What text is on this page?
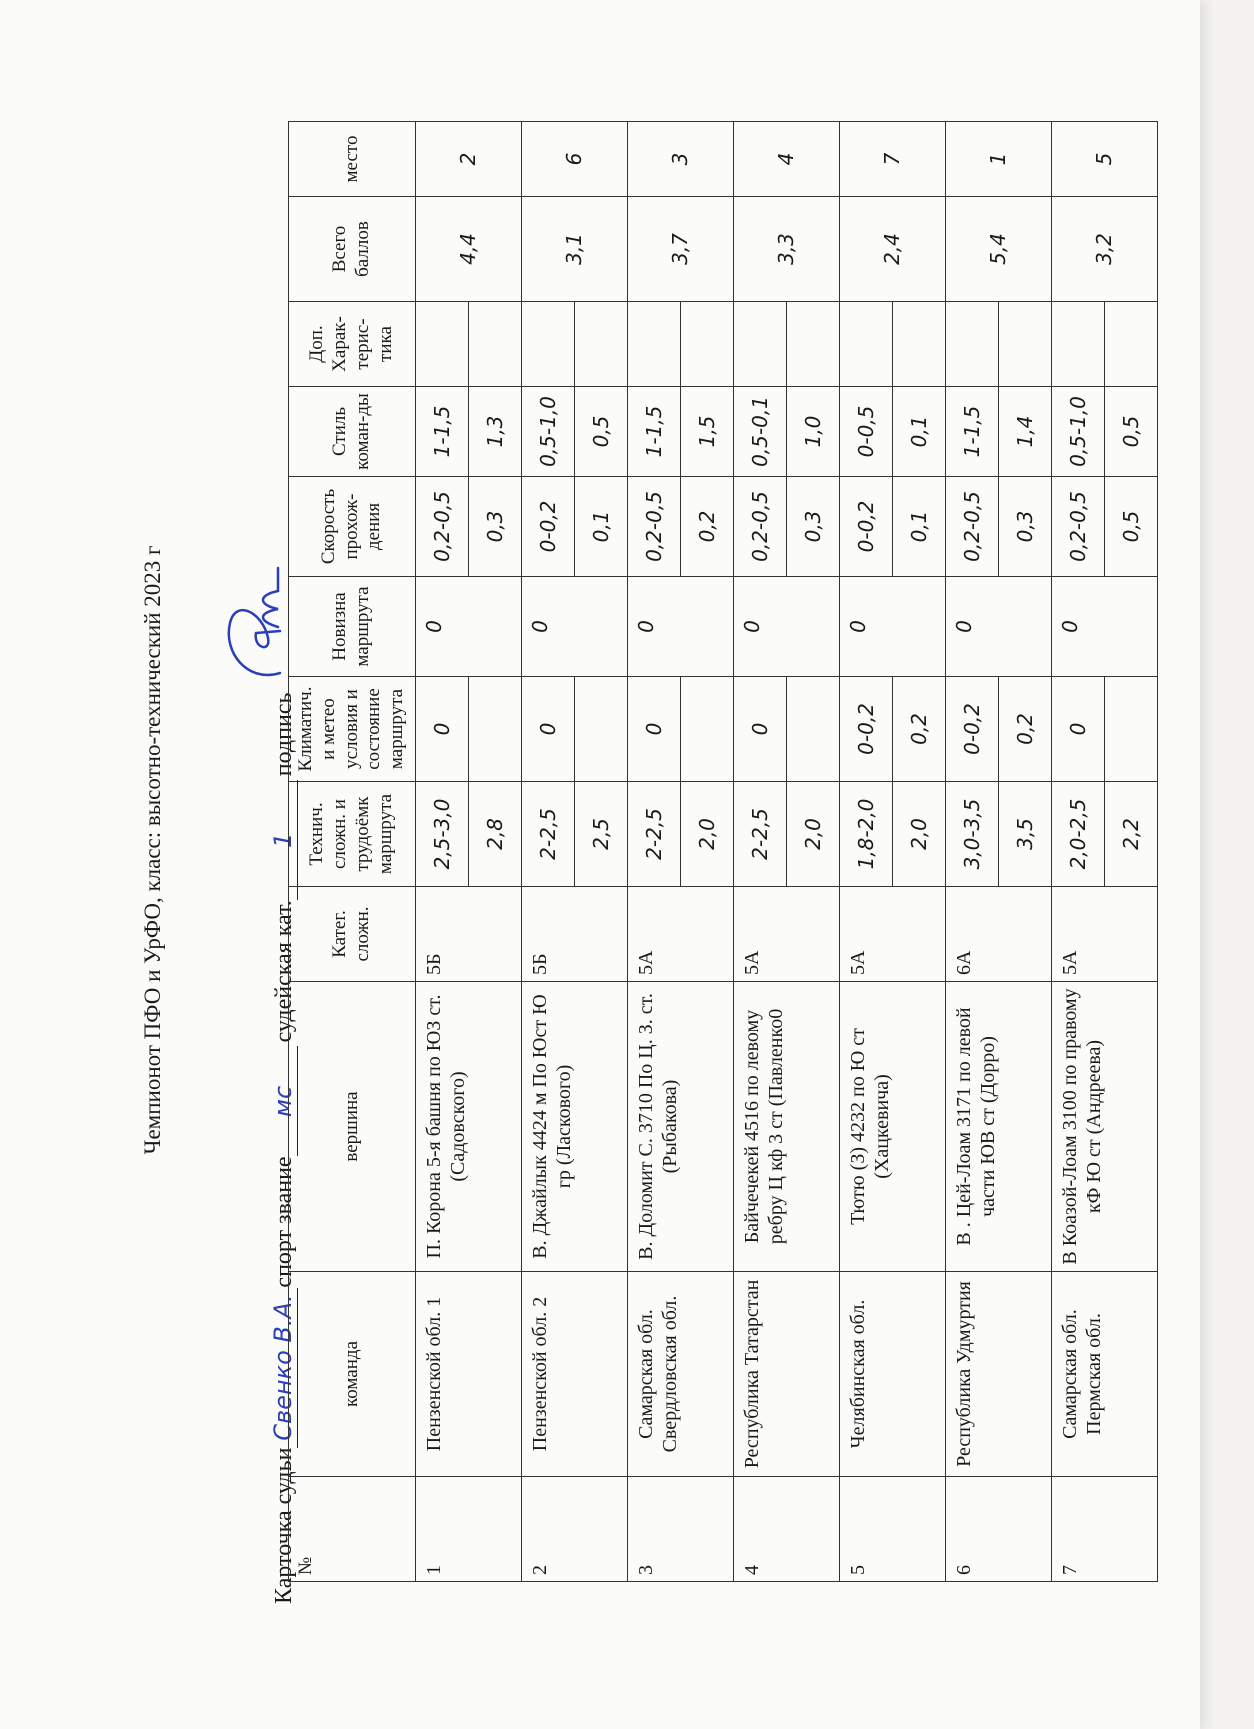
Чемпионот ПФО и УрФО, класс: высотно-технический 2023 г
Карточка судьиСвенко В.А.спорт званиемссудейская кат.1подпись
№	команда	вершина	Катег. сложн.	Технич. сложн. и трудоёмк маршрута	Климатич. и метео условия и состояние маршрута	Новизна маршрута	Скорость прохож-дения	Стиль коман-ды	Доп. Харак-терис-тика	Всего баллов	место
1	Пензенской обл. 1	П. Корона 5-я башня по ЮЗ ст. (Садовского)	5Б	2,5-3,0	0	0	0,2-0,5	1-1,5		4,4	2
				2,8			0,3	1,3			
2	Пензенской обл. 2	В. Джайлык 4424 м По Юст Ю гр (Ласкового)	5Б	2-2,5	0	0	0-0,2	0,5-1,0		3,1	6
				2,5			0,1	0,5			
3	Самарская обл. Свердловская обл.	В. Доломит С. 3710 По Ц. З. ст. (Рыбакова)	5А	2-2,5	0	0	0,2-0,5	1-1,5		3,7	3
				2,0			0,2	1,5			
4	Республика Татарстан	Байчечекей 4516 по левому ребру Ц кф 3 ст (Павленко0	5А	2-2,5	0	0	0,2-0,5	0,5-0,1		3,3	4
				2,0			0,3	1,0			
5	Челябинская обл.	Тютю (З) 4232 по Ю ст (Хацкевича)	5А	1,8-2,0	0-0,2	0	0-0,2	0-0,5		2,4	7
				2,0	0,2		0,1	0,1			
6	Республика Удмуртия	В . Цей-Лоам 3171 по левой части ЮВ ст (Дорро)	6А	3,0-3,5	0-0,2	0	0,2-0,5	1-1,5		5,4	1
				3,5	0,2		0,3	1,4			
7	Самарская обл. Пермская обл.	В Коазой-Лоам 3100 по правому кФ Ю ст (Андреева)	5А	2,0-2,5	0	0	0,2-0,5	0,5-1,0		3,2	5
				2,2			0,5	0,5			
